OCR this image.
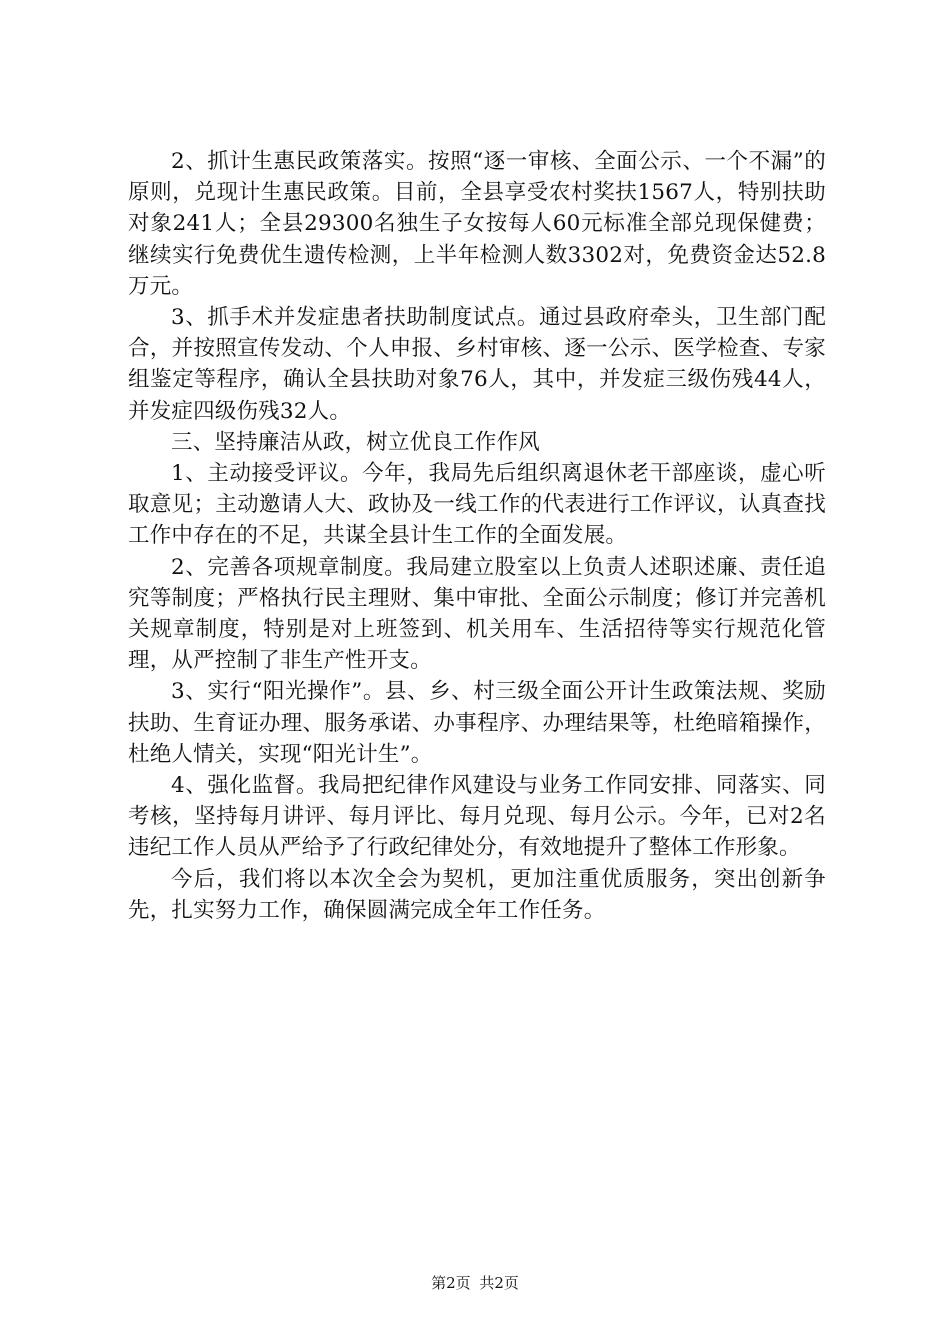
2、抓计生惠民政策落实。按照“逐一审核、全面公示、一个不漏”的原则，兑现计生惠民政策。目前，全县享受农村奖扶1567人，特别扶助对象241人；全县29300名独生子女按每人60元标准全部兑现保健费；继续实行免费优生遗传检测，上半年检测人数3302对，免费资金达52.8万元。

3、抓手术并发症患者扶助制度试点。通过县政府牵头，卫生部门配合，并按照宣传发动、个人申报、乡村审核、逐一公示、医学检查、专家组鉴定等程序，确认全县扶助对象76人，其中，并发症三级伤残44人，并发症四级伤残32人。

三、坚持廉洁从政，树立优良工作作风

1、主动接受评议。今年，我局先后组织离退休老干部座谈，虚心听取意见；主动邀请人大、政协及一线工作的代表进行工作评议，认真查找工作中存在的不足，共谋全县计生工作的全面发展。

2、完善各项规章制度。我局建立股室以上负责人述职述廉、责任追究等制度；严格执行民主理财、集中审批、全面公示制度；修订并完善机关规章制度，特别是对上班签到、机关用车、生活招待等实行规范化管理，从严控制了非生产性开支。

3、实行“阳光操作”。县、乡、村三级全面公开计生政策法规、奖励扶助、生育证办理、服务承诺、办事程序、办理结果等，杜绝暗箱操作，杜绝人情关，实现“阳光计生”。

4、强化监督。我局把纪律作风建设与业务工作同安排、同落实、同考核，坚持每月讲评、每月评比、每月兑现、每月公示。今年，已对2名违纪工作人员从严给予了行政纪律处分，有效地提升了整体工作形象。

今后，我们将以本次全会为契机，更加注重优质服务，突出创新争先，扎实努力工作，确保圆满完成全年工作任务。

第2页 共2页
